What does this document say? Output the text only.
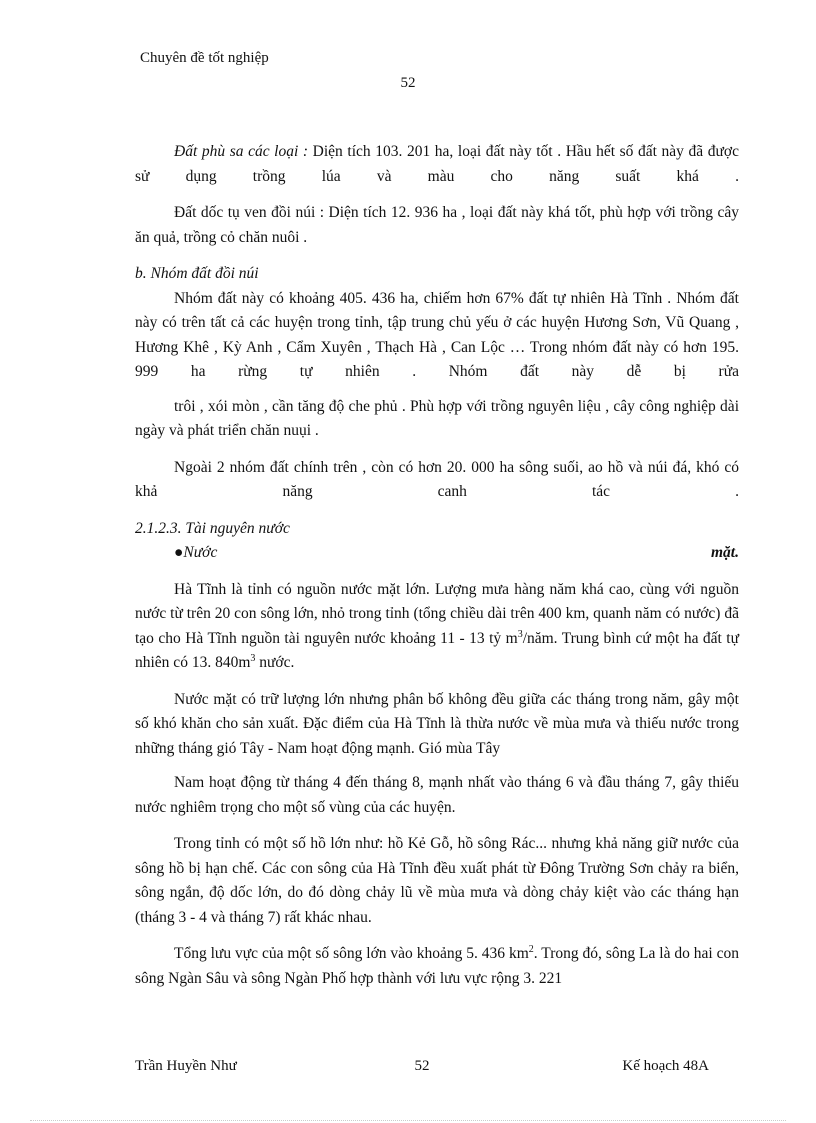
Chuyên đề tốt nghiệp
52

Đất phù sa các loại : Diện tích 103. 201 ha, loại đất này tốt . Hầu hết số đất này đã được sử dụng trồng lúa và màu cho năng suất khá .

Đất dốc tụ ven đồi núi : Diện tích 12. 936 ha , loại đất này khá tốt, phù hợp với trồng cây ăn quả, trồng cỏ chăn nuôi .

b. Nhóm đất đồi núi

Nhóm đất này có khoảng 405. 436 ha, chiếm hơn 67% đất tự nhiên Hà Tĩnh . Nhóm đất này có trên tất cả các huyện trong tỉnh, tập trung chủ yếu ở các huyện Hương Sơn, Vũ Quang , Hương Khê , Kỳ Anh , Cẩm Xuyên , Thạch Hà , Can Lộc … Trong nhóm đất này có hơn 195. 999 ha rừng tự nhiên . Nhóm đất này dễ bị rửa

trôi , xói mòn , cần tăng độ che phủ . Phù hợp với trồng nguyên liệu , cây công nghiệp dài ngày và phát triển chăn nuụi .

Ngoài 2 nhóm đất chính trên , còn có hơn 20. 000 ha sông suối, ao hồ và núi đá, khó có khả năng canh tác .

2.1.2.3. Tài nguyên nước

●Nước	mặt.

Hà Tĩnh là tỉnh có nguồn nước mặt lớn. Lượng mưa hàng năm khá cao, cùng với nguồn nước từ trên 20 con sông lớn, nhỏ trong tỉnh (tổng chiều dài trên 400 km, quanh năm có nước) đã tạo cho Hà Tĩnh nguồn tài nguyên nước khoảng 11 - 13 tỷ $m^3$/năm. Trung bình cứ một ha đất tự nhiên có 13. $840m^3$ nước.

Nước mặt có trữ lượng lớn nhưng phân bố không đều giữa các tháng trong năm, gây một số khó khăn cho sản xuất. Đặc điểm của Hà Tĩnh là thừa nước về mùa mưa và thiếu nước trong những tháng gió Tây - Nam hoạt động mạnh. Gió mùa Tây

Nam hoạt động từ tháng 4 đến tháng 8, mạnh nhất vào tháng 6 và đầu tháng 7, gây thiếu nước nghiêm trọng cho một số vùng của các huyện.

Trong tỉnh có một số hồ lớn như: hồ Kẻ Gỗ, hồ sông Rác... nhưng khả năng giữ nước của sông hồ bị hạn chế. Các con sông của Hà Tĩnh đều xuất phát từ Đông Trường Sơn chảy ra biển, sông ngắn, độ dốc lớn, do đó dòng chảy lũ về mùa mưa và dòng chảy kiệt vào các tháng hạn (tháng 3 - 4 và tháng 7) rất khác nhau.

Tổng lưu vực của một số sông lớn vào khoảng 5. 436 $km^2$. Trong đó, sông La là do hai con sông Ngàn Sâu và sông Ngàn Phố hợp thành với lưu vực rộng 3. 221

Trần Huyền Như	52	Kế hoạch 48A
